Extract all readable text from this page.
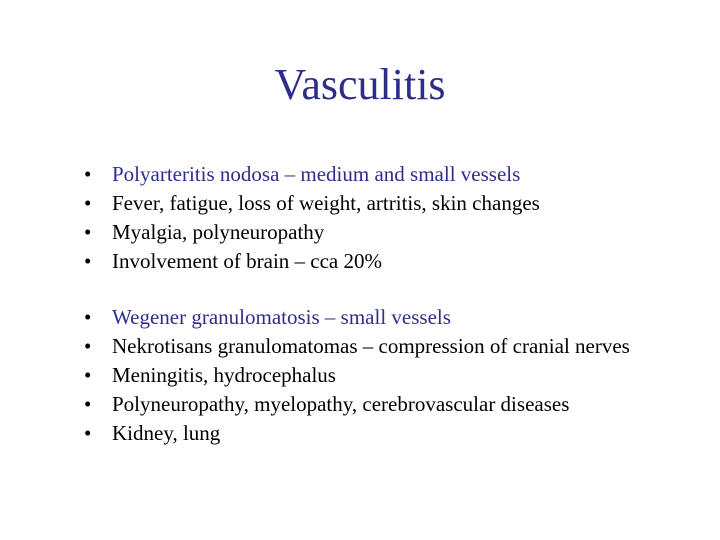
Vasculitis
• Polyarteritis nodosa – medium and small vessels
• Fever, fatigue, loss of weight, artritis, skin changes
• Myalgia, polyneuropathy
• Involvement of brain – cca 20%
• Wegener granulomatosis – small vessels
• Nekrotisans granulomatomas – compression of cranial nerves
• Meningitis, hydrocephalus
• Polyneuropathy, myelopathy, cerebrovascular diseases
• Kidney, lung
